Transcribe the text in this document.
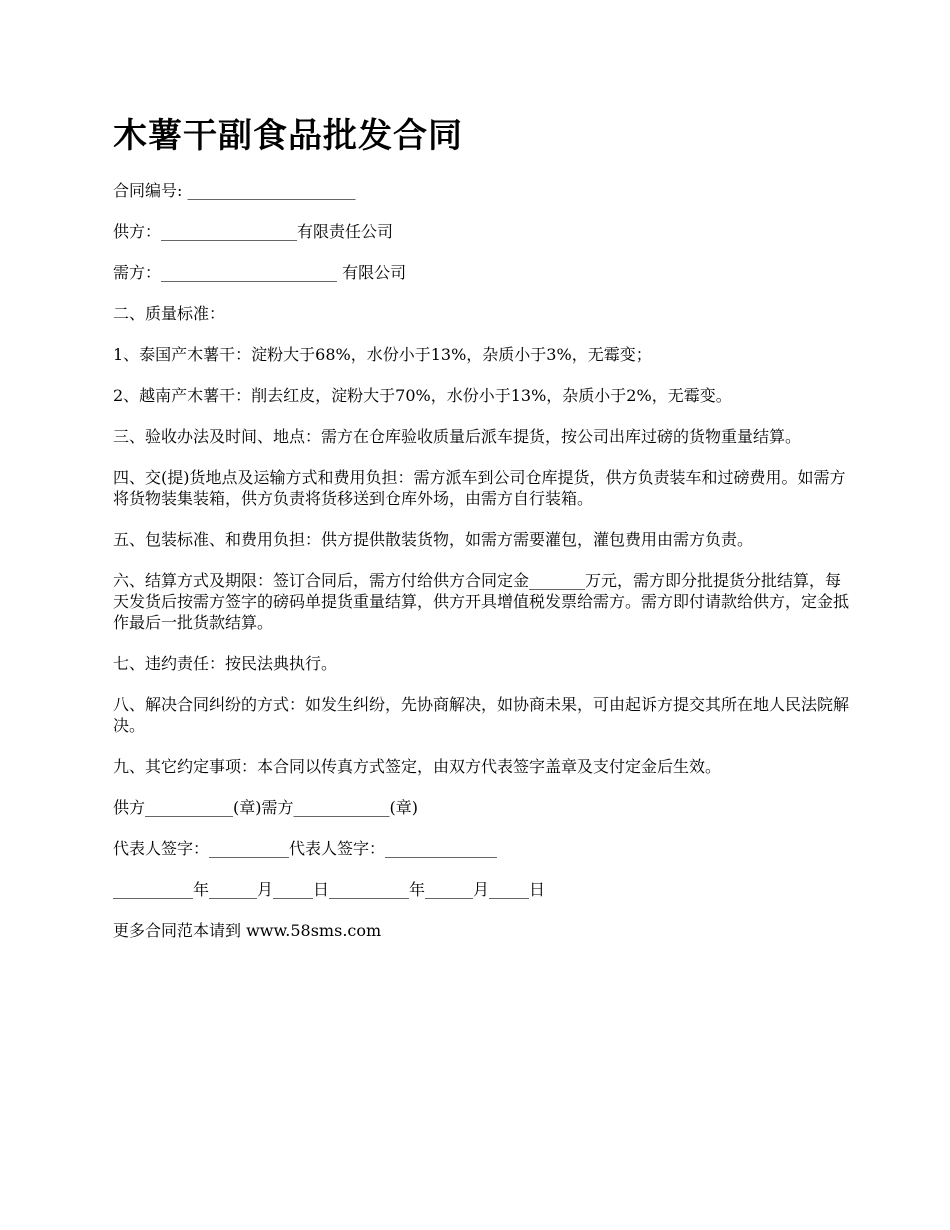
木薯干副食品批发合同

合同编号: _____________________

供方：_________________有限责任公司

需方：______________________ 有限公司

二、质量标准：

1、泰国产木薯干：淀粉大于68%，水份小于13%，杂质小于3%，无霉变；

2、越南产木薯干：削去红皮，淀粉大于70%，水份小于13%，杂质小于2%，无霉变。

三、验收办法及时间、地点：需方在仓库验收质量后派车提货，按公司出库过磅的货物重量结算。

四、交(提)货地点及运输方式和费用负担：需方派车到公司仓库提货，供方负责装车和过磅费用。如需方将货物装集装箱，供方负责将货移送到仓库外场，由需方自行装箱。

五、包装标准、和费用负担：供方提供散装货物，如需方需要灌包，灌包费用由需方负责。

六、结算方式及期限：签订合同后，需方付给供方合同定金_______万元，需方即分批提货分批结算，每天发货后按需方签字的磅码单提货重量结算，供方开具增值税发票给需方。需方即付请款给供方，定金抵作最后一批货款结算。

七、违约责任：按民法典执行。

八、解决合同纠纷的方式：如发生纠纷，先协商解决，如协商未果，可由起诉方提交其所在地人民法院解决。

九、其它约定事项：本合同以传真方式签定，由双方代表签字盖章及支付定金后生效。

供方___________(章)需方____________(章)

代表人签字：__________代表人签字：______________

__________年______月_____日__________年______月_____日

更多合同范本请到 www.58sms.com
